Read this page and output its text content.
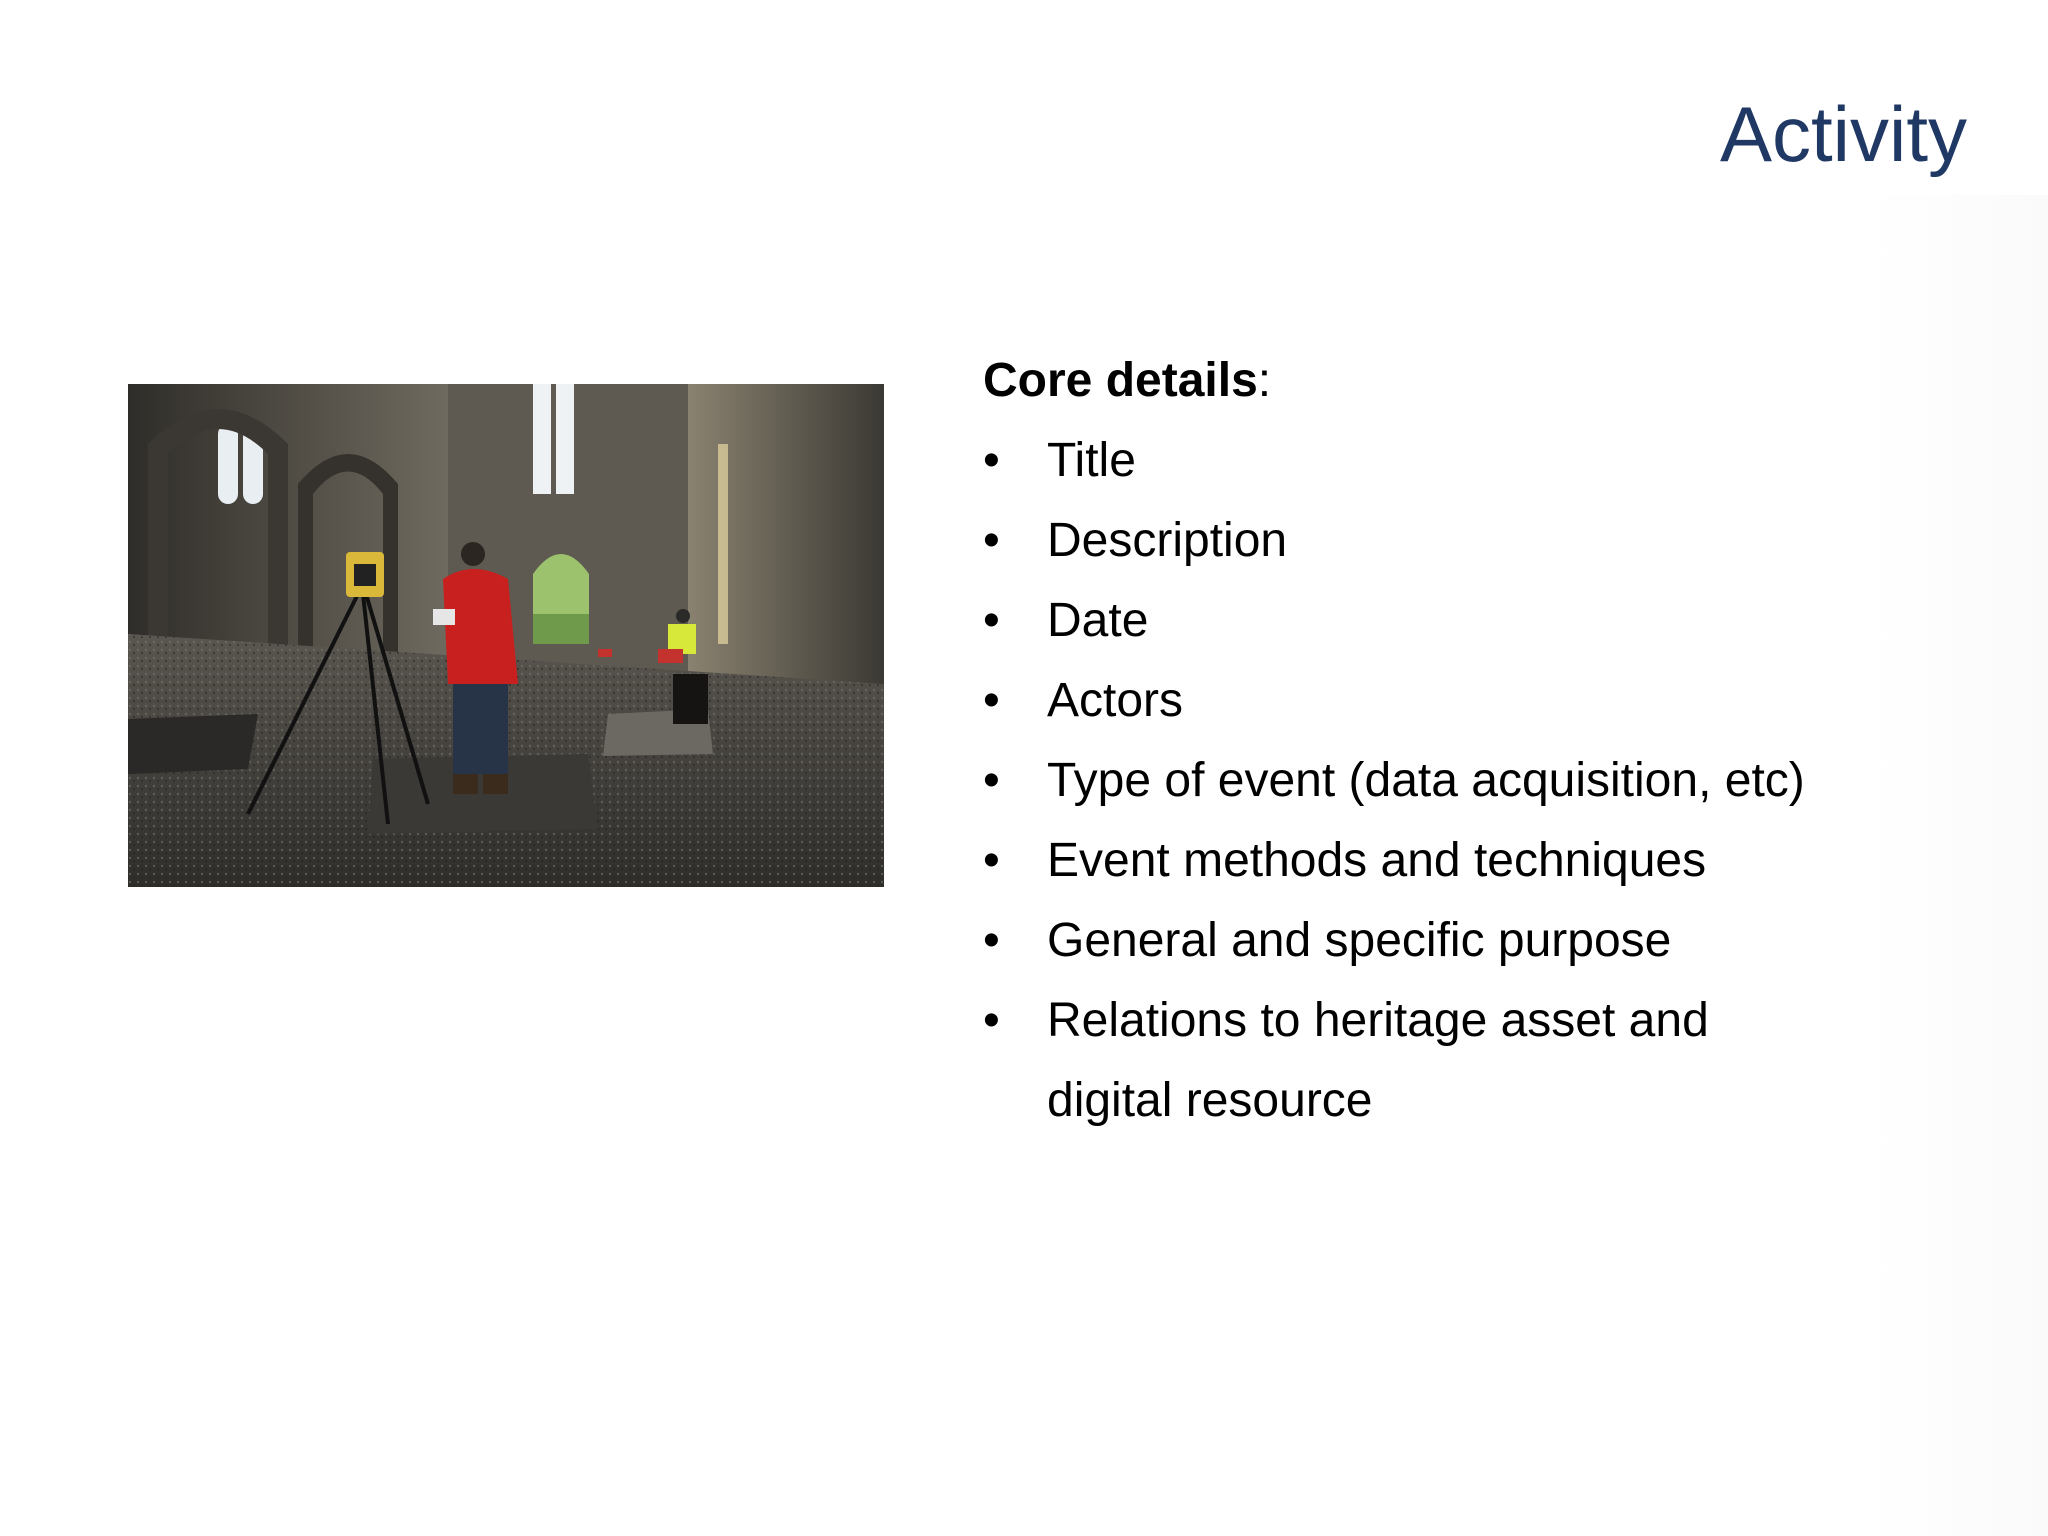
Activity
Core details:
• Title
• Description
• Date
• Actors
• Type of event (data acquisition, etc)
• Event methods and techniques
• General and specific purpose
• Relations to heritage asset and digital resource
